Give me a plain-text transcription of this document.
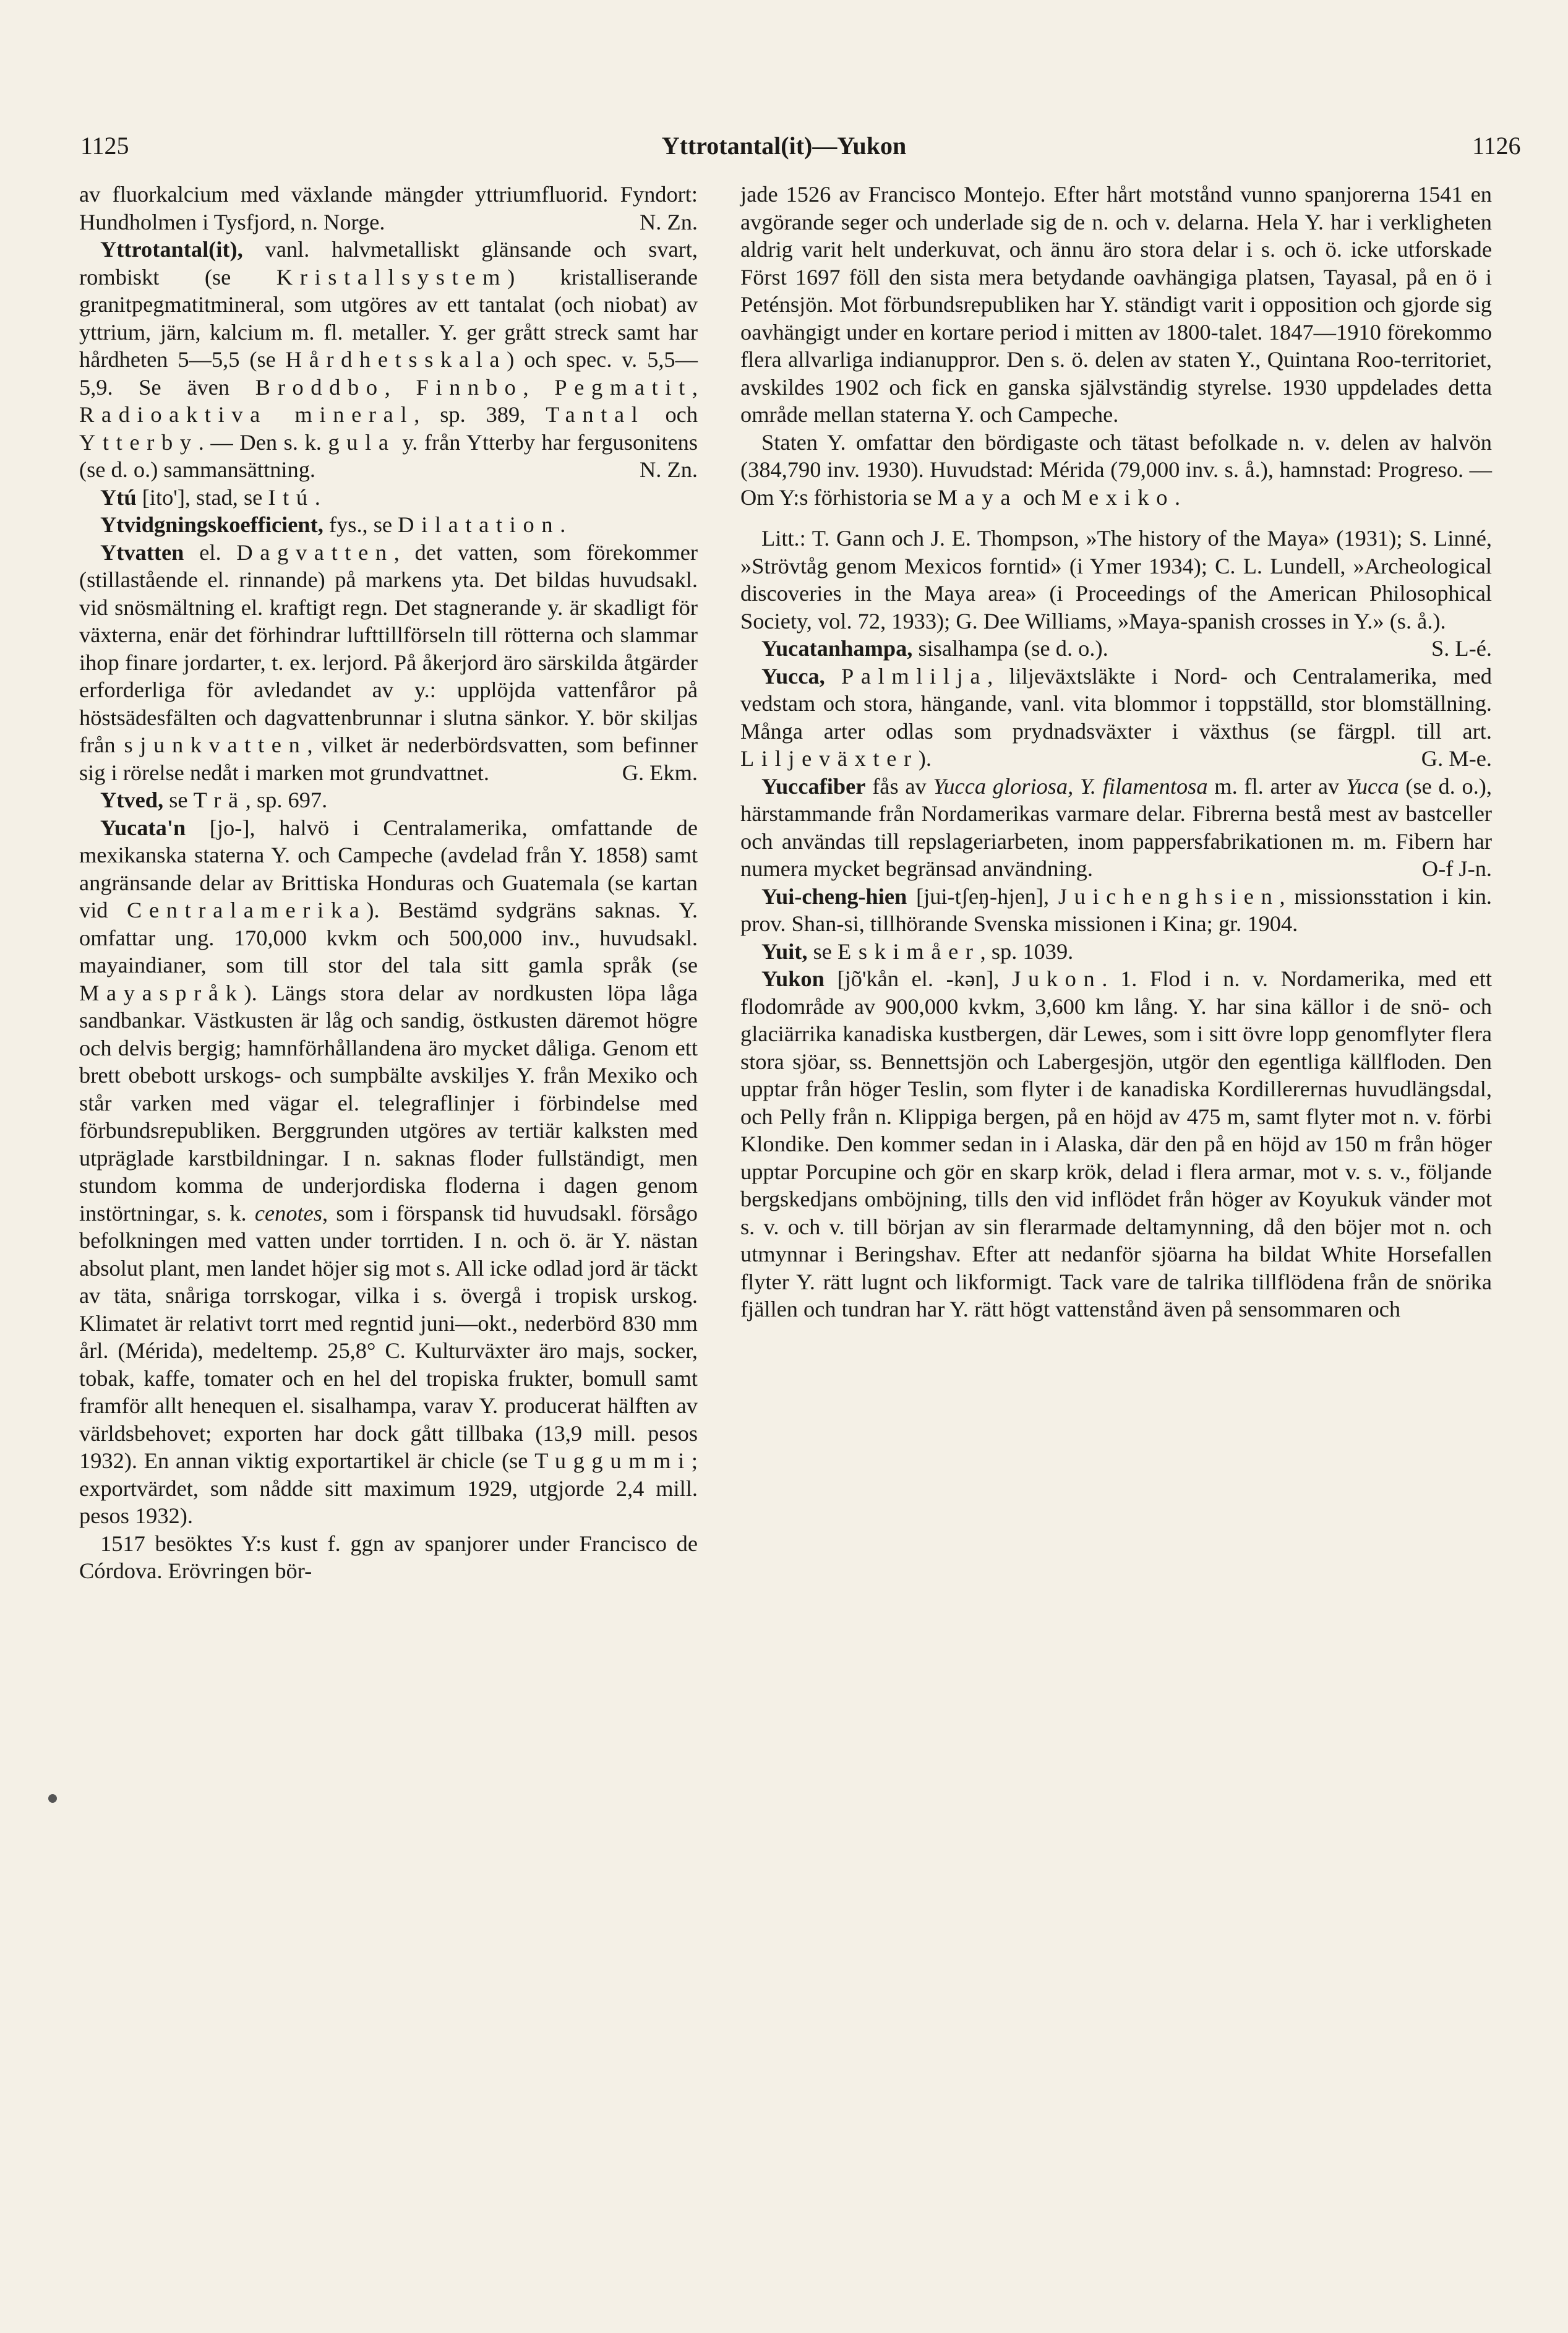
1125	Yttrotantal(it)—Yukon	1126

av fluorkalcium med växlande mängder yttriumfluorid. Fyndort: Hundholmen i Tysfjord, n. Norge.	N. Zn.

Yttrotantal(it), vanl. halvmetalliskt glänsande och svart, rombiskt (se Kristallsystem) kristalliserande granitpegmatitmineral, som utgöres av ett tantalat (och niobat) av yttrium, järn, kalcium m. fl. metaller. Y. ger grått streck samt har hårdheten 5—5,5 (se Hårdhetsskala) och spec. v. 5,5—5,9. Se även Broddbo, Finnbo, Pegmatit, Radioaktiva mineral, sp. 389, Tantal och Ytterby. — Den s. k. gula y. från Ytterby har fergusonitens (se d. o.) sammansättning.	N. Zn.

Ytú [ito'], stad, se Itú.

Ytvidgningskoefficient, fys., se Dilatation.

Ytvatten el. Dagvatten, det vatten, som förekommer (stillastående el. rinnande) på markens yta. Det bildas huvudsakl. vid snösmältning el. kraftigt regn. Det stagnerande y. är skadligt för växterna, enär det förhindrar lufttillförseln till rötterna och slammar ihop finare jordarter, t. ex. lerjord. På åkerjord äro särskilda åtgärder erforderliga för avledandet av y.: upplöjda vattenfåror på höstsädesfälten och dagvattenbrunnar i slutna sänkor. Y. bör skiljas från sjunkvatten, vilket är nederbördsvatten, som befinner sig i rörelse nedåt i marken mot grundvattnet.	G. Ekm.

Ytved, se Trä, sp. 697.

Yucata'n [jo-], halvö i Centralamerika, omfattande de mexikanska staterna Y. och Campeche (avdelad från Y. 1858) samt angränsande delar av Brittiska Honduras och Guatemala (se kartan vid Centralamerika). Bestämd sydgräns saknas. Y. omfattar ung. 170,000 kvkm och 500,000 inv., huvudsakl. mayaindianer, som till stor del tala sitt gamla språk (se Mayaspråk). Längs stora delar av nordkusten löpa låga sandbankar. Västkusten är låg och sandig, östkusten däremot högre och delvis bergig; hamnförhållandena äro mycket dåliga. Genom ett brett obebott urskogs- och sumpbälte avskiljes Y. från Mexiko och står varken med vägar el. telegraflinjer i förbindelse med förbundsrepubliken. Berggrunden utgöres av tertiär kalksten med utpräglade karstbildningar. I n. saknas floder fullständigt, men stundom komma de underjordiska floderna i dagen genom instörtningar, s. k. cenotes, som i förspansk tid huvudsakl. försågo befolkningen med vatten under torrtiden. I n. och ö. är Y. nästan absolut plant, men landet höjer sig mot s. All icke odlad jord är täckt av täta, snåriga torrskogar, vilka i s. övergå i tropisk urskog. Klimatet är relativt torrt med regntid juni—okt., nederbörd 830 mm årl. (Mérida), medeltemp. 25,8° C. Kulturväxter äro majs, socker, tobak, kaffe, tomater och en hel del tropiska frukter, bomull samt framför allt henequen el. sisalhampa, varav Y. producerat hälften av världsbehovet; exporten har dock gått tillbaka (13,9 mill. pesos 1932). En annan viktig exportartikel är chicle (se Tuggummi; exportvärdet, som nådde sitt maximum 1929, utgjorde 2,4 mill. pesos 1932).

1517 besöktes Y:s kust f. ggn av spanjorer under Francisco de Córdova. Erövringen bör-

jade 1526 av Francisco Montejo. Efter hårt motstånd vunno spanjorerna 1541 en avgörande seger och underlade sig de n. och v. delarna. Hela Y. har i verkligheten aldrig varit helt underkuvat, och ännu äro stora delar i s. och ö. icke utforskade Först 1697 föll den sista mera betydande oavhängiga platsen, Tayasal, på en ö i Peténsjön. Mot förbundsrepubliken har Y. ständigt varit i opposition och gjorde sig oavhängigt under en kortare period i mitten av 1800-talet. 1847—1910 förekommo flera allvarliga indianuppror. Den s. ö. delen av staten Y., Quintana Roo-territoriet, avskildes 1902 och fick en ganska självständig styrelse. 1930 uppdelades detta område mellan staterna Y. och Campeche.

Staten Y. omfattar den bördigaste och tätast befolkade n. v. delen av halvön (384,790 inv. 1930). Huvudstad: Mérida (79,000 inv. s. å.), hamnstad: Progreso. — Om Y:s förhistoria se Maya och Mexiko.

Litt.: T. Gann och J. E. Thompson, »The history of the Maya» (1931); S. Linné, »Strövtåg genom Mexicos forntid» (i Ymer 1934); C. L. Lundell, »Archeological discoveries in the Maya area» (i Proceedings of the American Philosophical Society, vol. 72, 1933); G. Dee Williams, »Maya-spanish crosses in Y.» (s. å.).
S. L-é.

Yucatanhampa, sisalhampa (se d. o.).

Yucca, Palmlilja, liljeväxtsläkte i Nord- och Centralamerika, med vedstam och stora, hängande, vanl. vita blommor i toppställd, stor blomställning. Många arter odlas som prydnadsväxter i växthus (se färgpl. till art. Liljeväxter).	G. M-e.

Yuccafiber fås av Yucca gloriosa, Y. filamentosa m. fl. arter av Yucca (se d. o.), härstammande från Nordamerikas varmare delar. Fibrerna bestå mest av bastceller och användas till repslageriarbeten, inom pappersfabrikationen m. m. Fibern har numera mycket begränsad användning.	O-f J-n.

Yui-cheng-hien [jui-tʃeŋ-hjen], Juichenghsien, missionsstation i kin. prov. Shan-si, tillhörande Svenska missionen i Kina; gr. 1904.

Yuit, se Eskimåer, sp. 1039.

Yukon [jõ'kån el. -kən], Jukon. 1. Flod i n. v. Nordamerika, med ett flodområde av 900,000 kvkm, 3,600 km lång. Y. har sina källor i de snö- och glaciärrika kanadiska kustbergen, där Lewes, som i sitt övre lopp genomflyter flera stora sjöar, ss. Bennettsjön och Labergesjön, utgör den egentliga källfloden. Den upptar från höger Teslin, som flyter i de kanadiska Kordillerernas huvudlängsdal, och Pelly från n. Klippiga bergen, på en höjd av 475 m, samt flyter mot n. v. förbi Klondike. Den kommer sedan in i Alaska, där den på en höjd av 150 m från höger upptar Porcupine och gör en skarp krök, delad i flera armar, mot v. s. v., följande bergskedjans omböjning, tills den vid inflödet från höger av Koyukuk vänder mot s. v. och v. till början av sin flerarmade deltamynning, då den böjer mot n. och utmynnar i Beringshav. Efter att nedanför sjöarna ha bildat White Horsefallen flyter Y. rätt lugnt och likformigt. Tack vare de talrika tillflödena från de snörika fjällen och tundran har Y. rätt högt vattenstånd även på sensommaren och
